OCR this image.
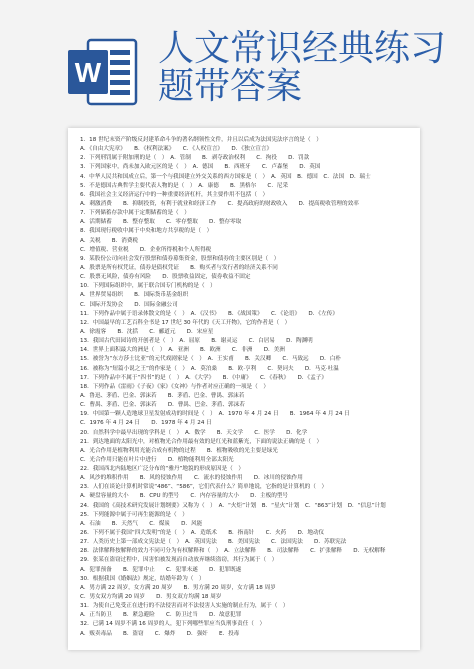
W
人文常识经典练习
题带答案
1．18 世纪末资产阶级反封建革命斗争的著名纲领性文件，并且以后成为法国宪法序言的是（　）
A．《自由大宪章》　　B．《权利法案》　　C．《人权宣言》　　D．《独立宣言》
2．下列刑罚属于附加刑的是（　）　A．管制　　B．剥夺政治权利　　C．拘役　　D．罚款
3．下列国家中，尚未加入欧元区的是（　）　A．德国　　B．西班牙　　C．卢森堡　　D．英国
4．中华人民共和国成立后，第一个与我国建立外交关系的西方国家是（　）　A．英国　B．德国　C．法国　D．瑞士
5．不是德国古典哲学主要代表人物的是（　）　A．康德　　B．黑格尔　　C．尼采
6．我国社会主义经济运行中的一种重要经济杠杆，其主要作用不包括（　）
A．刺激消费　　B．抑制投资，有利于就业和经济工作　　C．提高政府的财政收入　　D．提高税收管理的效率
7．下列储蓄存款中属于定期储蓄的是（　）
A．活期储蓄　　B．整存整取　　C．零存整取　　D．整存零取
8．我国现行税收中属于中央和地方共享税的是（　）
A．关税　　B．消费税
C．增值税、营业税　　D．企业所得税和个人所得税
9．某股份公司向社会发行股票和债券募集资金，股票和债券的主要区别是（　）
A．股票是所有权凭证，债券是债权凭证　　B．购买者与发行者的经济关系不同
C．股票无风险，债券有风险　　D．股票收益固定，债券收益不固定
10．下列国际组织中，属于联合国专门机构的是（　）
A．世界贸易组织　　B．国际货币基金组织
C．国际开发协会　　D．国际金融公司
11．下列作品中属于语录体散文的是（　）　A．《汉书》　　B．《战国策》　　C．《论语》　　D．《左传》
12．中国最早的工艺百科全书是 17 世纪 30 年代的《天工开物》，它的作者是（　）
A．徐霞客　　B．沈括　　C．郦道元　　D．宋应星
13．我国古代田园诗的开创者是（　）　A．屈原　　B．谢灵运　　C．白居易　　D．陶渊明
14．世界上面积最大的洲是（　）　A．亚洲　　B．欧洲　　C．非洲　　D．美洲
15．被誉为“东方莎士比亚”的元代戏剧家是（　）　A．王实甫　　B．关汉卿　　C．马致远　　D．白朴
16．被称为“短篇小说之王”的作家是（　）　A．莫泊桑　　B．欧·亨利　　C．契诃夫　　D．马克·吐温
17．下列作品中不属于“四书”的是（　）　A．《大学》　　B．《中庸》　　C．《春秋》　　D．《孟子》
18．下列作品《雷雨》《子夜》《家》《女神》与作者对应正确的一项是（　）
A．鲁迅、茅盾、巴金、郭沫若　　B．茅盾、巴金、曹禺、郭沫若
C．曹禺、茅盾、巴金、郭沫若　　D．曹禺、巴金、茅盾、郭沫若
19．中国第一颗人造地球卫星发射成功的时间是（　）　A．1970 年 4 月 24 日　　B．1964 年 4 月 24 日
C．1976 年 4 月 24 日　　D．1978 年 4 月 24 日
20．自然科学中最早出现的学科是（　）　A．数学　　B．天文学　　C．医学　　D．化学
21．到达地面的太阳光中，对植物光合作用最有效的是红光和蓝紫光，下面的说法正确的是（　）
A．光合作用是植物利用光能合成有机物的过程　　B．植物吸收的光主要是绿光
C．光合作用只能在叶片中进行　　D．植物能利用全部太阳光
22．我国西北内陆地区广泛分布的“雅丹”地貌的形成原因是（　）
A．风沙的堆积作用　　B．风的侵蚀作用　　C．流水的侵蚀作用　　D．冰川的侵蚀作用
23．人们在谈论计算机时常说“486”、“586”，它们代表什么？简单地说，它指的是计算机的（　）
A．硬盘容量的大小　　B．CPU 的型号　　C．内存容量的大小　　D．主板的型号
24．我国的《高技术研究发展计划纲要》又称为（　）　A．“火炬”计划　B．“星火”计划　C．“863”计划　D．“信息”计划
25．下列能源中属于可再生能源的是（　）
A．石油　　B．天然气　　C．煤炭　　D．风能
26．下列不属于我国“四大发明”的是（　）　A．造纸术　　B．指南针　　C．火药　　D．地动仪
27．人类历史上第一部成文宪法是（　）　A．英国宪法　　B．美国宪法　　C．法国宪法　　D．苏联宪法
28．法律解释按解释的效力不同可分为有权解释和（　）　A．立法解释　　B．司法解释　　C．扩张解释　　D．无权解释
29．张某在盗窃过程中，因害怕被发现而自动放弃继续盗窃，其行为属于（　）
A．犯罪预备　　B．犯罪中止　　C．犯罪未遂　　D．犯罪既遂
30．根据我国《婚姻法》规定，结婚年龄为（　）
A．男方满 22 周岁，女方满 20 周岁　　B．男方满 20 周岁，女方满 18 周岁
C．男女双方均满 20 周岁　　D．男女双方均满 18 周岁
31．为使自己免受正在进行的不法侵害而对不法侵害人实施的制止行为，属于（　）
A．正当防卫　　B．紧急避险　　C．防卫过当　　D．故意犯罪
32．已满 14 周岁不满 16 周岁的人，犯下列哪些罪应当负刑事责任（　）
A．贩卖毒品　　B．盗窃　　C．爆炸　　D．强奸　　E．投毒
